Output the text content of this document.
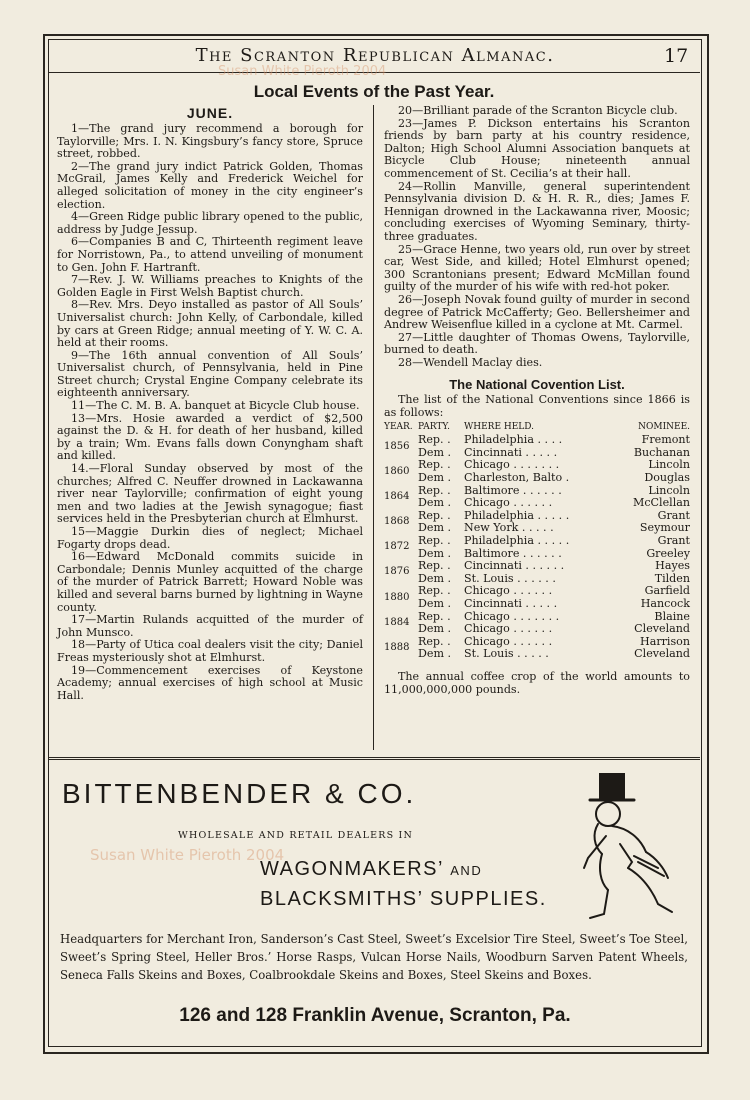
The Scranton Republican Almanac.	17
Susan White Pieroth 2004
Local Events of the Past Year.
JUNE.

1—The grand jury recommend a borough for Taylorville; Mrs. I. N. Kingsbury’s fancy store, Spruce street, robbed.

2—The grand jury indict Patrick Golden, Thomas McGrail, James Kelly and Frederick Weichel for alleged solicitation of money in the city engineer’s election.

4—Green Ridge public library opened to the public, address by Judge Jessup.

6—Companies B and C, Thirteenth regiment leave for Norristown, Pa., to attend unveiling of monument to Gen. John F. Hartranft.

7—Rev. J. W. Williams preaches to Knights of the Golden Eagle in First Welsh Baptist church.

8—Rev. Mrs. Deyo installed as pastor of All Souls’ Universalist church: John Kelly, of Carbondale, killed by cars at Green Ridge; annual meeting of Y. W. C. A. held at their rooms.

9—The 16th annual convention of All Souls’ Universalist church, of Pennsylvania, held in Pine Street church; Crystal Engine Company celebrate its eighteenth anniversary.

11—The C. M. B. A. banquet at Bicycle Club house.

13—Mrs. Hosie awarded a verdict of $2,500 against the D. & H. for death of her husband, killed by a train; Wm. Evans falls down Conyngham shaft and killed.

14.—Floral Sunday observed by most of the churches; Alfred C. Neuffer drowned in Lackawanna river near Taylorville; confirmation of eight young men and two ladies at the Jewish synagogue; fiast services held in the Presbyterian church at Elmhurst.

15—Maggie Durkin dies of neglect; Michael Fogarty drops dead.

16—Edward McDonald commits suicide in Carbondale; Dennis Munley acquitted of the charge of the murder of Patrick Barrett; Howard Noble was killed and several barns burned by lightning in Wayne county.

17—Martin Rulands acquitted of the murder of John Munsco.

18—Party of Utica coal dealers visit the city; Daniel Freas mysteriously shot at Elmhurst.

19—Commencement exercises of Keystone Academy; annual exercises of high school at Music Hall.

20—Brilliant parade of the Scranton Bicycle club.

23—James P. Dickson entertains his Scranton friends by barn party at his country residence, Dalton; High School Alumni Association banquets at Bicycle Club House; nineteenth annual commencement of St. Cecilia’s at their hall.

24—Rollin Manville, general superintendent Pennsylvania division D. & H. R. R., dies; James F. Hennigan drowned in the Lackawanna river, Moosic; concluding exercises of Wyoming Seminary, thirty-three graduates.

25—Grace Henne, two years old, run over by street car, West Side, and killed; Hotel Elmhurst opened; 300 Scrantonians present; Edward McMillan found guilty of the murder of his wife with red-hot poker.

26—Joseph Novak found guilty of murder in second degree of Patrick McCafferty; Geo. Bellersheimer and Andrew Weisenflue killed in a cyclone at Mt. Carmel.

27—Little daughter of Thomas Owens, Taylorville, burned to death.

28—Wendell Maclay dies.

The National Covention List.

The list of the National Conventions since 1866 is as follows:

YEAR.	PARTY.	WHERE HELD.	NOMINEE.
1856	Rep. .	Philadelphia . . . .	Fremont
	Dem .	Cincinnati . . . . .	Buchanan
1860	Rep. .	Chicago . . . . . . .	Lincoln
	Dem .	Charleston, Balto .	Douglas
1864	Rep. .	Baltimore . . . . . .	Lincoln
	Dem .	Chicago . . . . . .	McClellan
1868	Rep. .	Philadelphia . . . . .	Grant
	Dem .	New York . . . . .	Seymour
1872	Rep. .	Philadelphia . . . . .	Grant
	Dem .	Baltimore . . . . . .	Greeley
1876	Rep. .	Cincinnati . . . . . .	Hayes
	Dem .	St. Louis . . . . . .	Tilden
1880	Rep. .	Chicago . . . . . .	Garfield
	Dem .	Cincinnati . . . . .	Hancock
1884	Rep. .	Chicago . . . . . . .	Blaine
	Dem .	Chicago . . . . . .	Cleveland
1888	Rep. .	Chicago . . . . . .	Harrison
	Dem .	St. Louis . . . . .	Cleveland

The annual coffee crop of the world amounts to 11,000,000,000 pounds.

BITTENBENDER & CO.
WHOLESALE AND RETAIL DEALERS IN
Susan White Pieroth 2004
WAGONMAKERS’ AND
BLACKSMITHS’ SUPPLIES.
Headquarters for Merchant Iron, Sanderson’s Cast Steel, Sweet’s Excelsior Tire Steel, Sweet’s Toe Steel, Sweet’s Spring Steel, Heller Bros.’ Horse Rasps, Vulcan Horse Nails, Woodburn Sarven Patent Wheels, Seneca Falls Skeins and Boxes, Coalbrookdale Skeins and Boxes, Steel Skeins and Boxes.
126 and 128 Franklin Avenue, Scranton, Pa.
